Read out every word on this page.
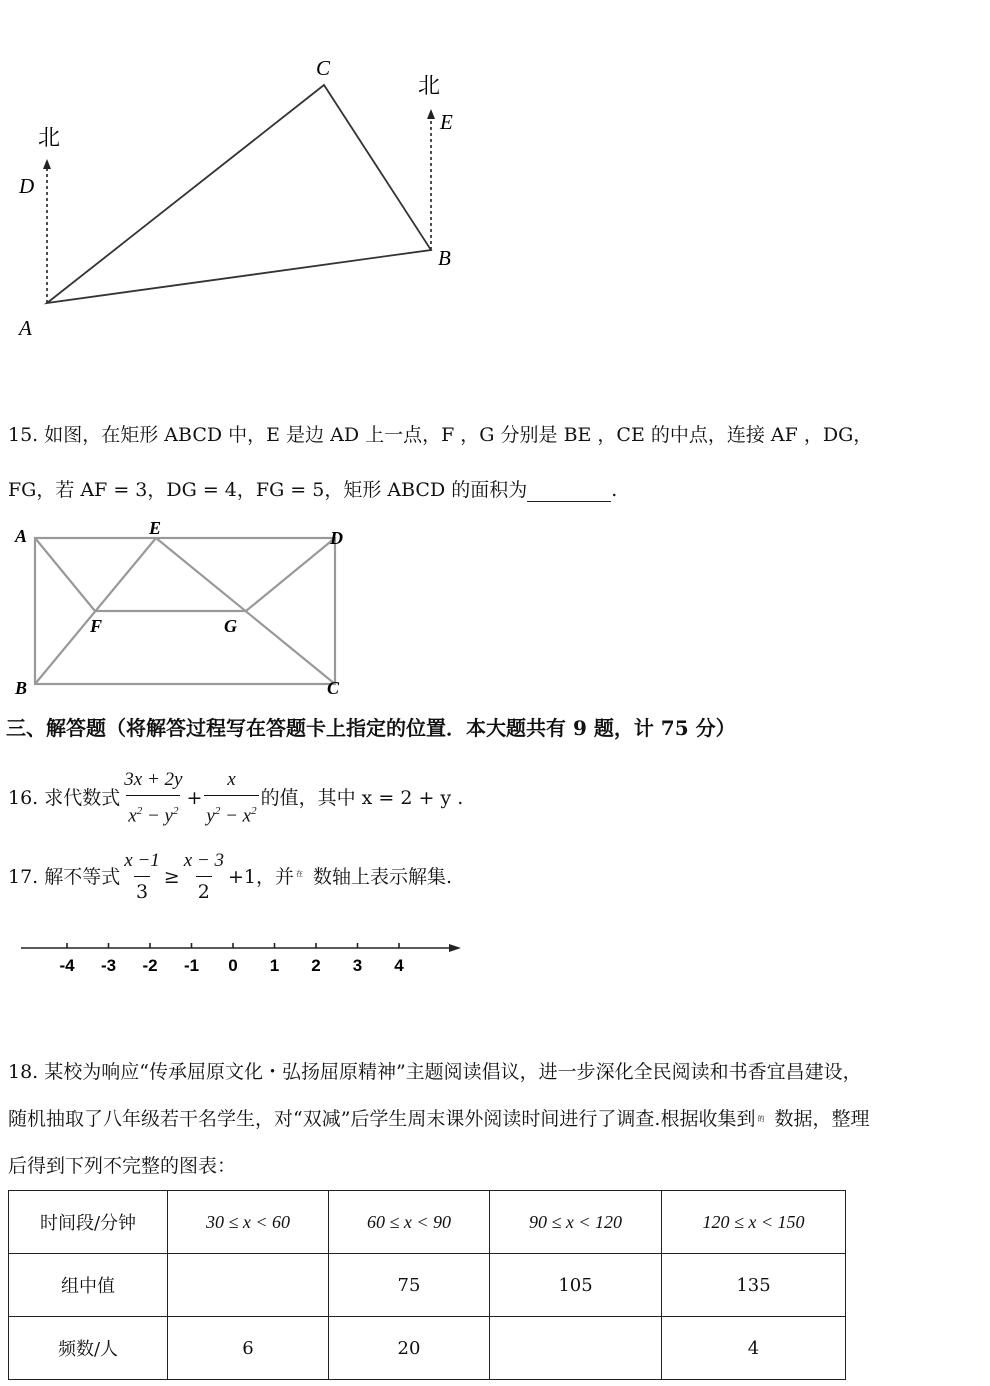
北
北
D
E
C
B
A
15. 如图，在矩形 ABCD 中，E 是边 AD 上一点，F ，G 分别是 BE ，CE 的中点，连接 AF ，DG，
FG，若 AF = 3，DG = 4，FG = 5，矩形 ABCD 的面积为	.
A	E	D
F	G
B	C
三、解答题（将解答过程写在答题卡上指定的位置．本大题共有 9 题，计 75 分）
16. 求代数式 $\frac{3x + 2y}{x^2 - y^2} + \frac{x}{y^2 - x^2}$ 的值，其中 x = 2 + y .
17. 解不等式 $\frac{x -1}{3} \ge \frac{x - 3}{2} +1$，并 在 数轴上表示解集.
-4 -3 -2 -1 0 1 2 3 4
18. 某校为响应“传承屈原文化・弘扬屈原精神”主题阅读倡议，进一步深化全民阅读和书香宜昌建设，
随机抽取了八年级若干名学生，对“双减”后学生周末课外阅读时间进行了调查.根据收集到 $^的$ 数据，整理
后得到下列不完整的图表：
时间段/分钟	30 ≤ x < 60	60 ≤ x < 90	90 ≤ x < 120	120 ≤ x < 150
组中值		75	105	135
频数/人	6	20		4
